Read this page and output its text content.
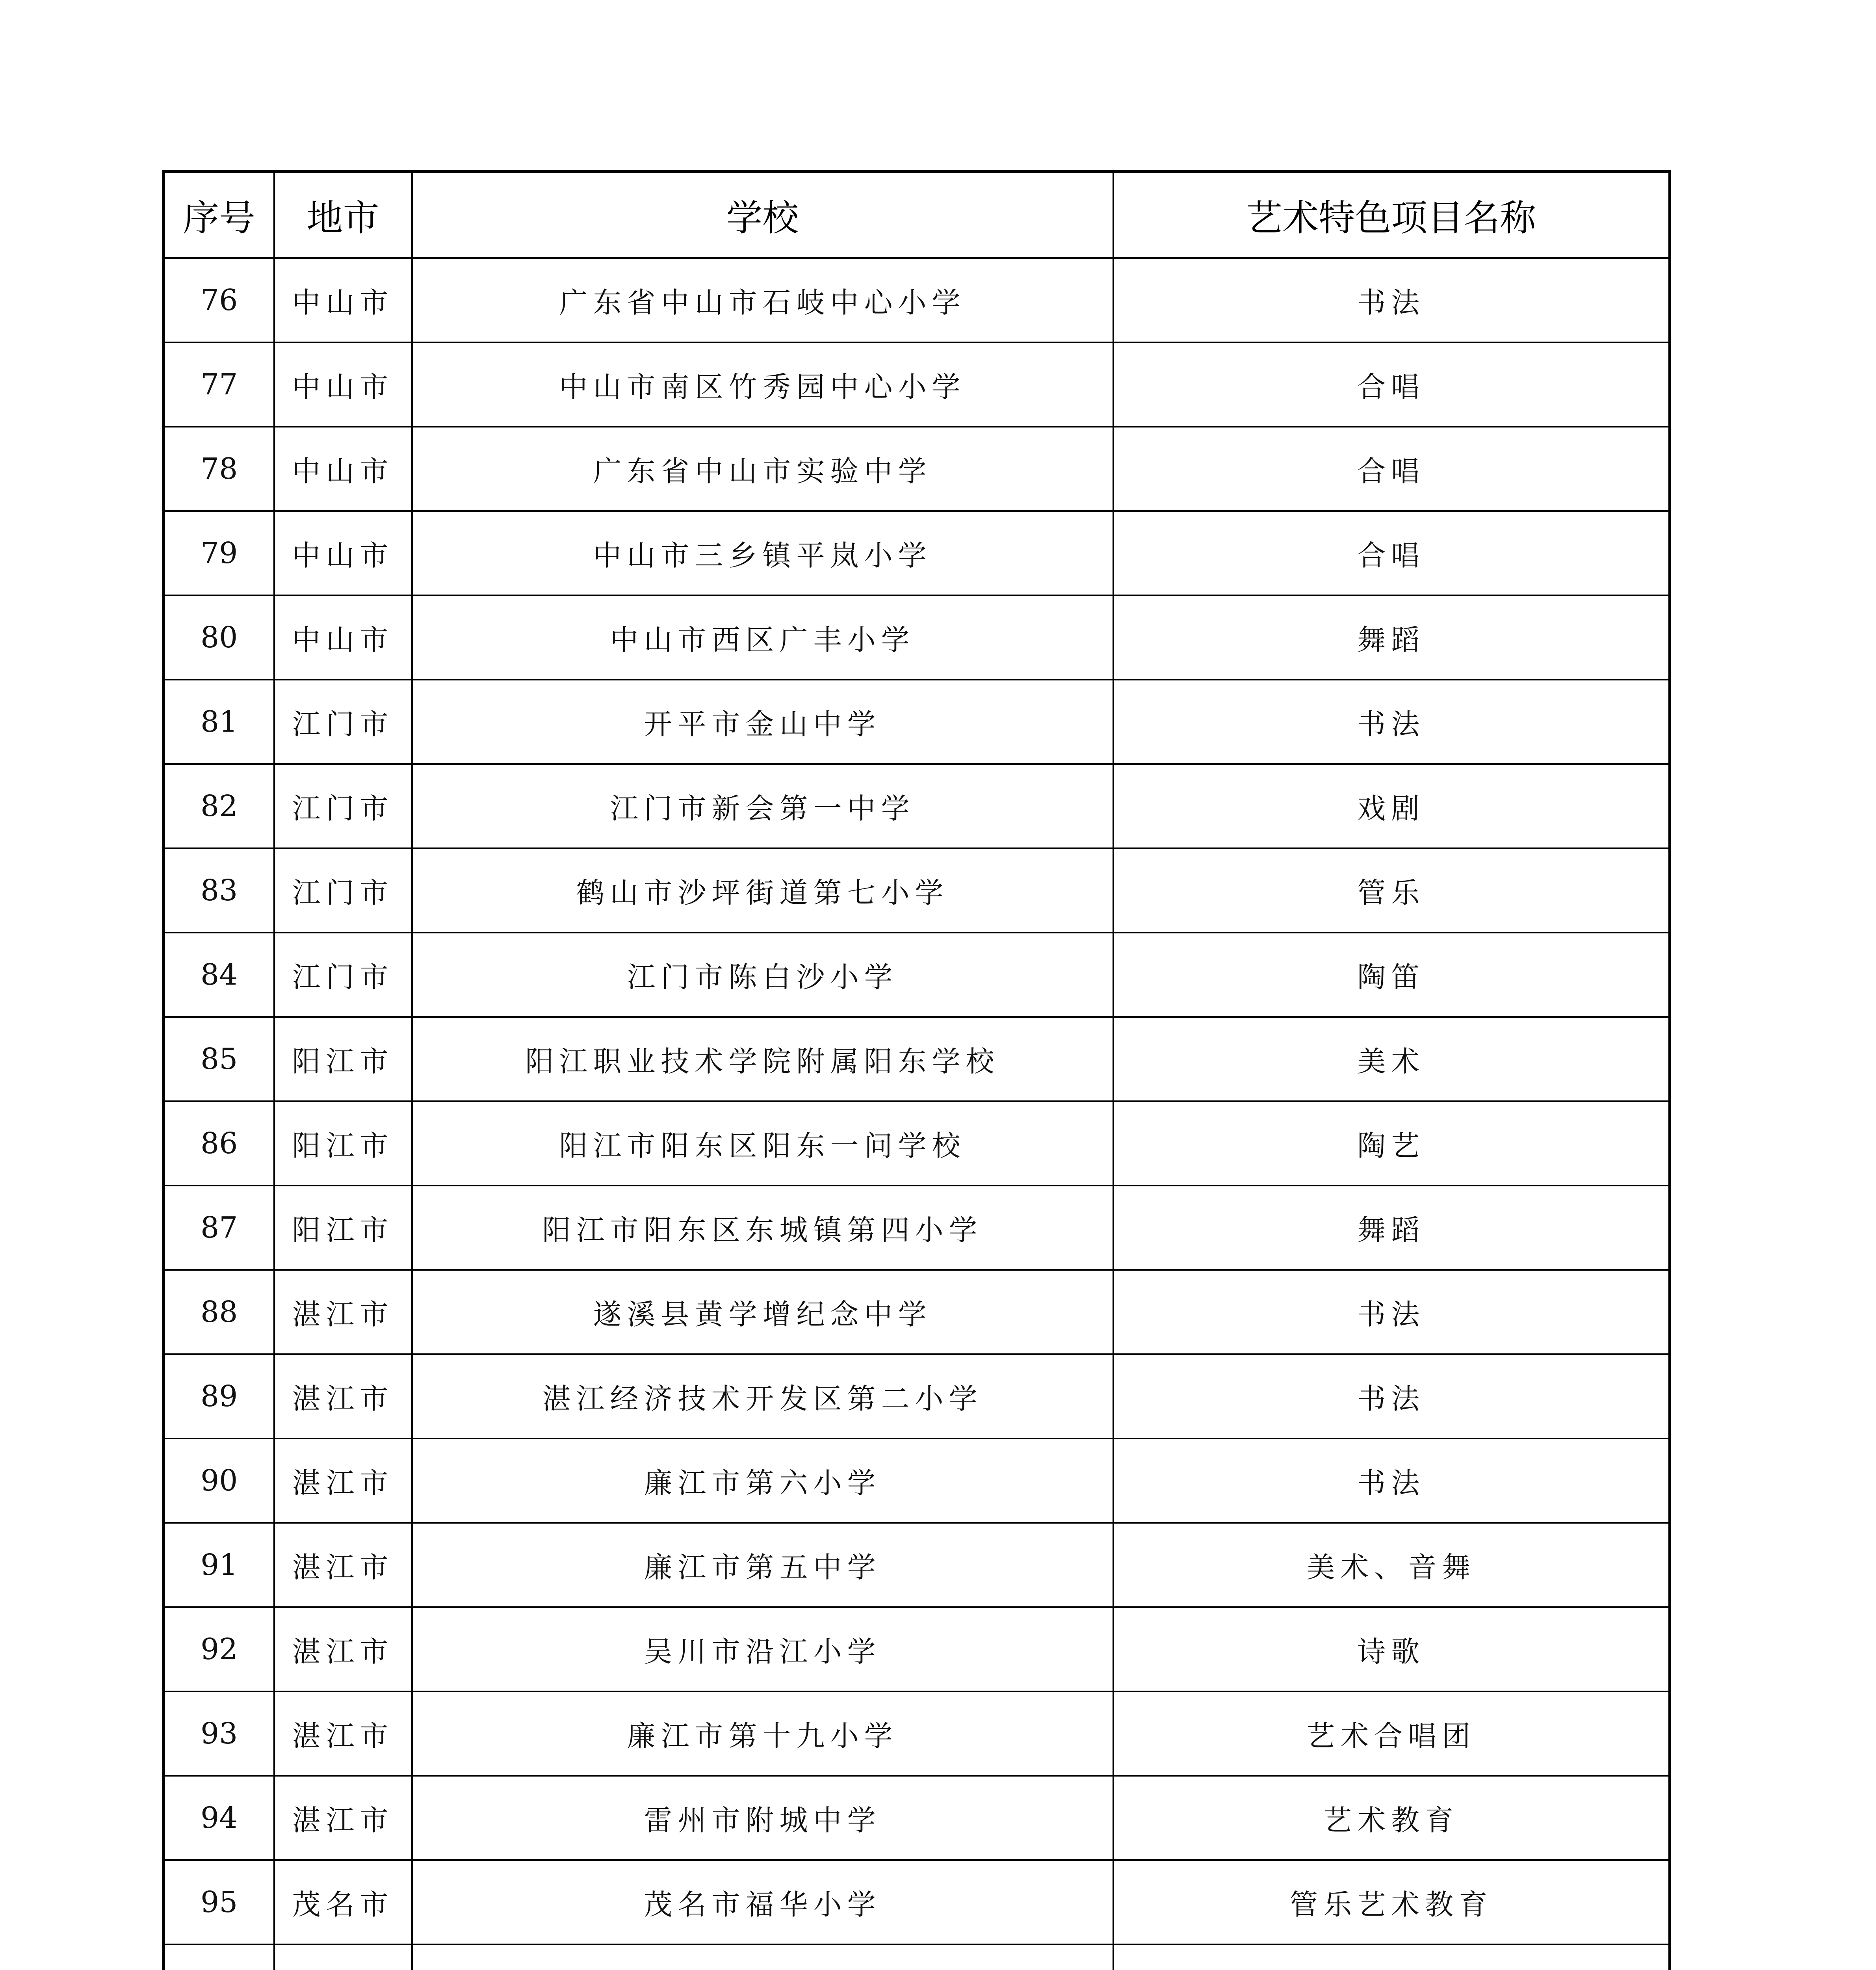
序号	地市	学校	艺术特色项目名称
76	中山市	广东省中山市石岐中心小学	书法
77	中山市	中山市南区竹秀园中心小学	合唱
78	中山市	广东省中山市实验中学	合唱
79	中山市	中山市三乡镇平岚小学	合唱
80	中山市	中山市西区广丰小学	舞蹈
81	江门市	开平市金山中学	书法
82	江门市	江门市新会第一中学	戏剧
83	江门市	鹤山市沙坪街道第七小学	管乐
84	江门市	江门市陈白沙小学	陶笛
85	阳江市	阳江职业技术学院附属阳东学校	美术
86	阳江市	阳江市阳东区阳东一问学校	陶艺
87	阳江市	阳江市阳东区东城镇第四小学	舞蹈
88	湛江市	遂溪县黄学增纪念中学	书法
89	湛江市	湛江经济技术开发区第二小学	书法
90	湛江市	廉江市第六小学	书法
91	湛江市	廉江市第五中学	美术、音舞
92	湛江市	吴川市沿江小学	诗歌
93	湛江市	廉江市第十九小学	艺术合唱团
94	湛江市	雷州市附城中学	艺术教育
95	茂名市	茂名市福华小学	管乐艺术教育
